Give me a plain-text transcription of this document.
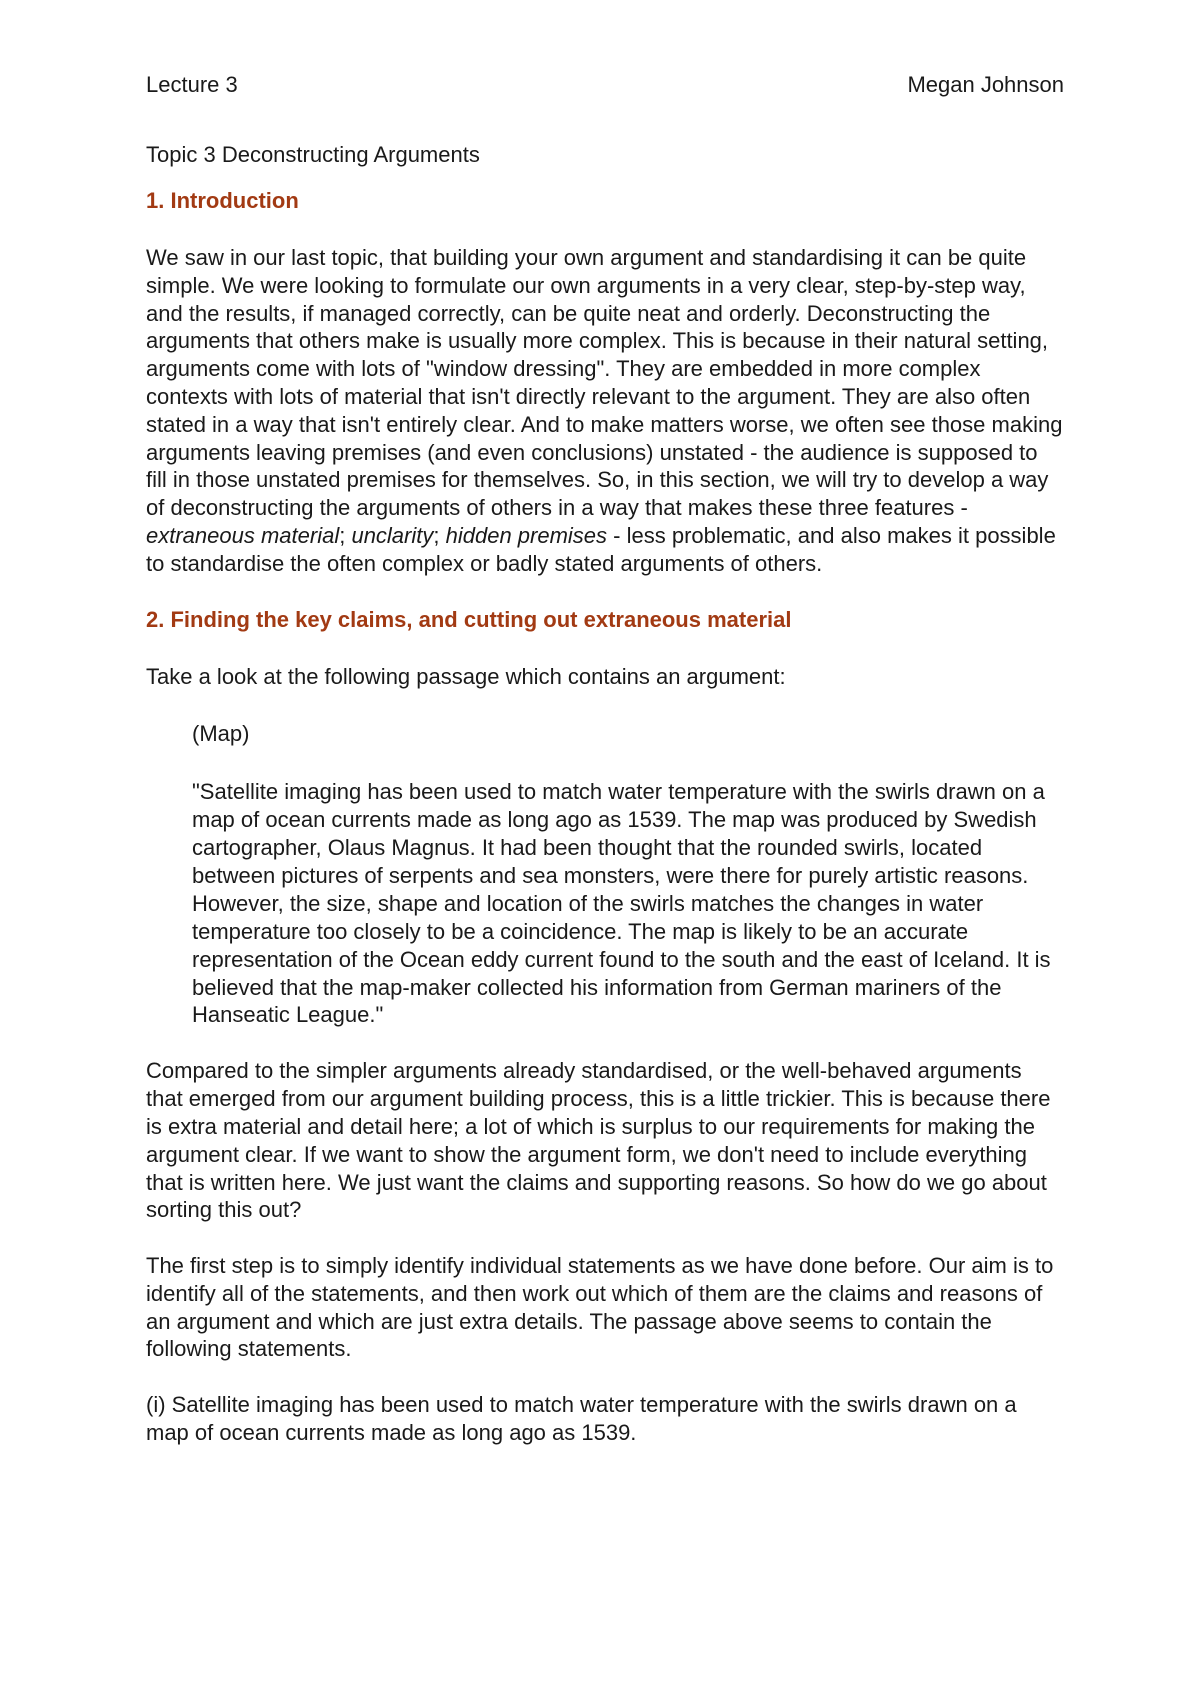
Lecture 3	Megan Johnson
Topic 3 Deconstructing Arguments
1. Introduction

We saw in our last topic, that building your own argument and standardising it can be quite simple. We were looking to formulate our own arguments in a very clear, step-by-step way, and the results, if managed correctly, can be quite neat and orderly. Deconstructing the arguments that others make is usually more complex. This is because in their natural setting, arguments come with lots of "window dressing". They are embedded in more complex contexts with lots of material that isn't directly relevant to the argument. They are also often stated in a way that isn't entirely clear. And to make matters worse, we often see those making arguments leaving premises (and even conclusions) unstated - the audience is supposed to fill in those unstated premises for themselves. So, in this section, we will try to develop a way of deconstructing the arguments of others in a way that makes these three features - extraneous material; unclarity; hidden premises - less problematic, and also makes it possible to standardise the often complex or badly stated arguments of others.

2. Finding the key claims, and cutting out extraneous material

Take a look at the following passage which contains an argument:

(Map)

"Satellite imaging has been used to match water temperature with the swirls drawn on a map of ocean currents made as long ago as 1539. The map was produced by Swedish cartographer, Olaus Magnus. It had been thought that the rounded swirls, located between pictures of serpents and sea monsters, were there for purely artistic reasons. However, the size, shape and location of the swirls matches the changes in water temperature too closely to be a coincidence. The map is likely to be an accurate representation of the Ocean eddy current found to the south and the east of Iceland. It is believed that the map-maker collected his information from German mariners of the Hanseatic League."

Compared to the simpler arguments already standardised, or the well-behaved arguments that emerged from our argument building process, this is a little trickier. This is because there is extra material and detail here; a lot of which is surplus to our requirements for making the argument clear. If we want to show the argument form, we don't need to include everything that is written here. We just want the claims and supporting reasons. So how do we go about sorting this out?

The first step is to simply identify individual statements as we have done before. Our aim is to identify all of the statements, and then work out which of them are the claims and reasons of an argument and which are just extra details. The passage above seems to contain the following statements.

(i) Satellite imaging has been used to match water temperature with the swirls drawn on a map of ocean currents made as long ago as 1539.
